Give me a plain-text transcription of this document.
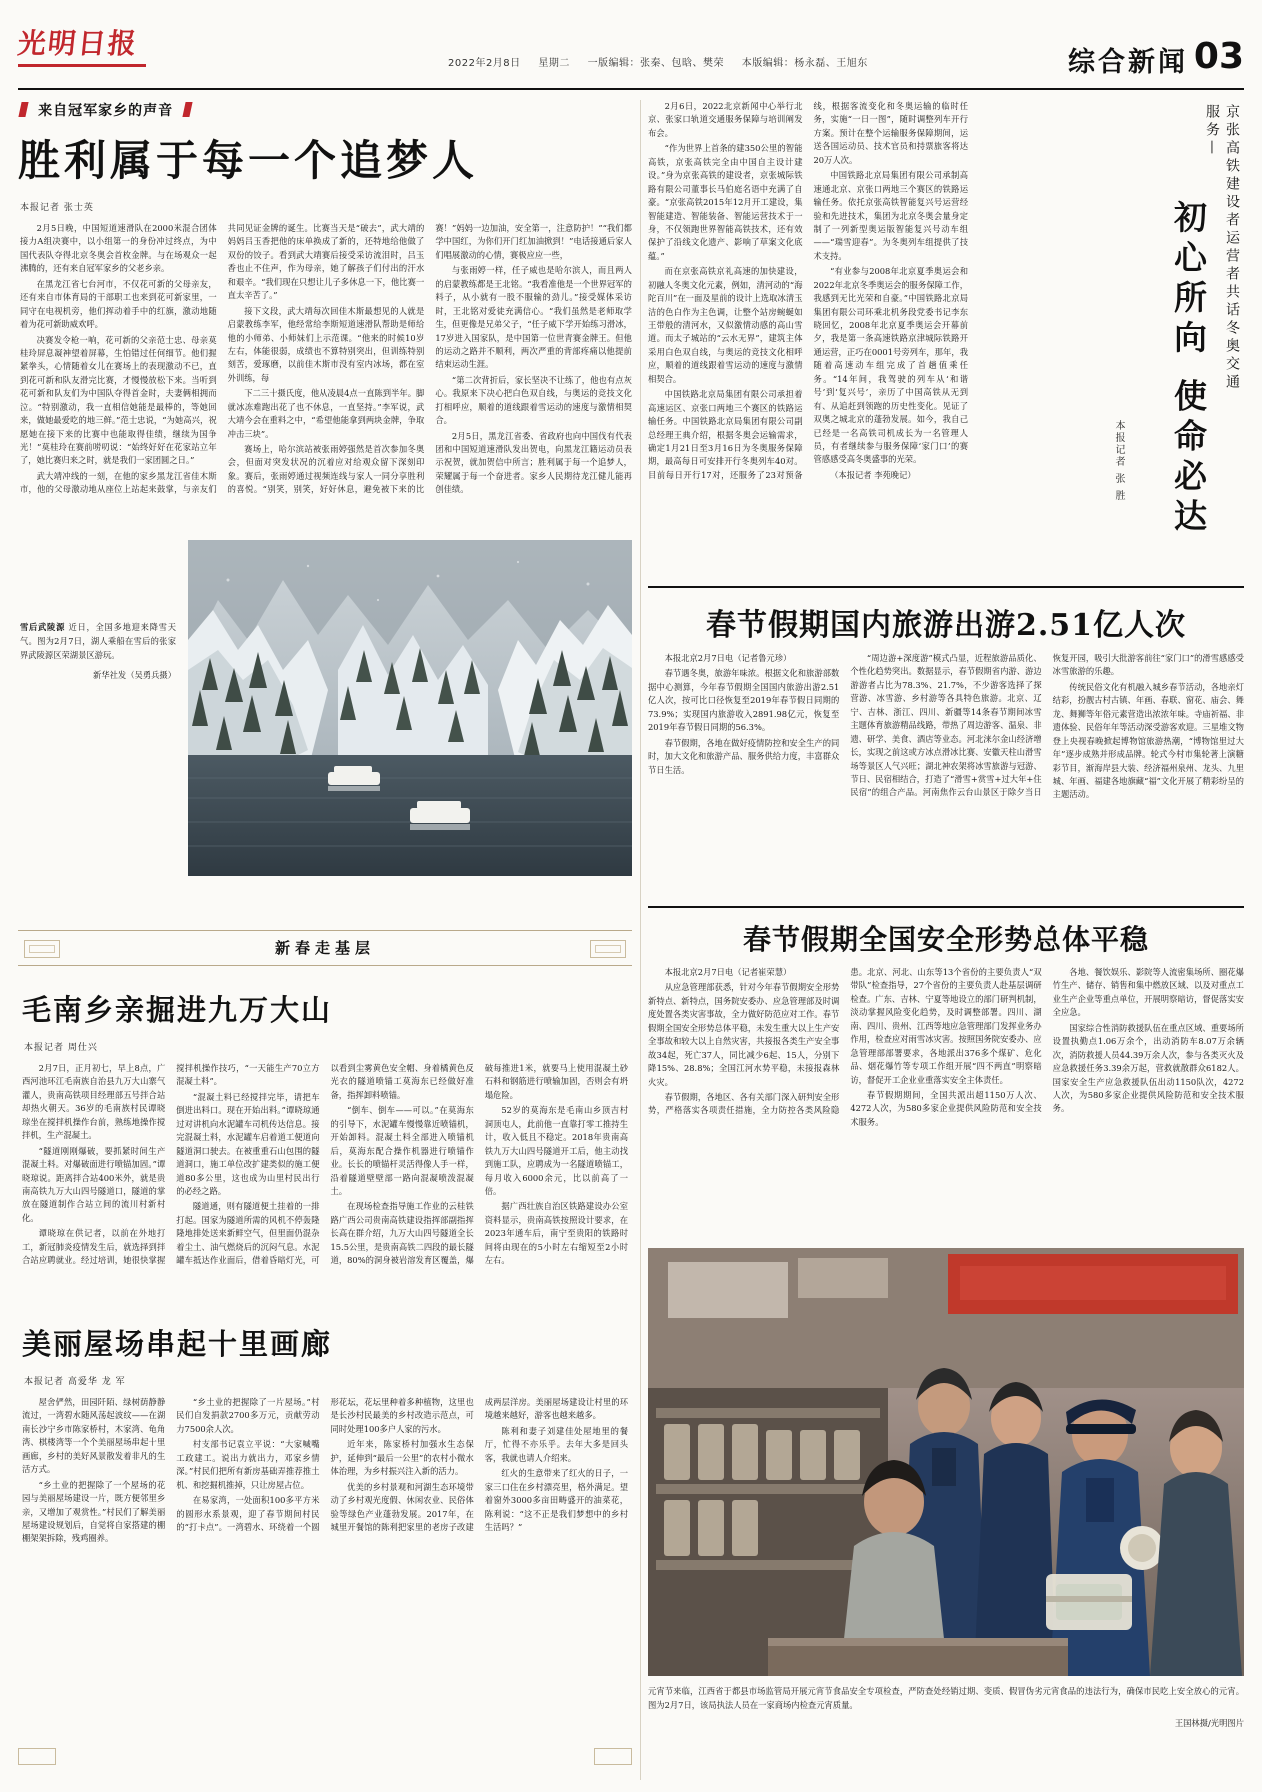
光明日报
2022年2月8日 星期二 一版编辑：张秦、包晗、樊荣 本版编辑：杨永磊、王旭东	综合新闻 03
来自冠军家乡的声音
胜利属于每一个追梦人
本报记者 张士英

2月5日晚，中国短道速滑队在2000米混合团体接力A组决赛中，以小组第一的身份冲过终点，为中国代表队夺得北京冬奥会首枚金牌。与在场观众一起沸腾的，还有来自冠军家乡的父老乡亲。

在黑龙江省七台河市，不仅花可新的父母亲友，还有来自市体育局的干部职工也来到花可新家里，一同守在电视机旁，他们挥动着手中的红旗，激动地随着为花可新助威欢呼。

决赛发令枪一响，花可新的父亲范士忠、母亲莫桂玲屏息凝神望着屏幕，生怕错过任何细节。他们握紧拳头，心情随着女儿在赛场上的表现激动不已，直到花可新和队友滑完比赛，才慢慢放松下来。当听到花可新和队友们为中国队夺得首金时，夫妻俩相拥而泣。“特别激动，我一直相信她能是最棒的，等她回来，做她最爱吃的地三鲜。”范士忠说，“为她高兴，祝愿她在接下来的比赛中也能取得佳绩，继续为国争光！”莫桂玲在赛前唠叨说：“始终好好在花家站立年了，她比赛归来之时，就是我们一家团圆之日。”

武大靖冲线的一刻，在他的家乡黑龙江省佳木斯市，他的父母激动地从座位上站起来鼓掌，与亲友们共同见证金牌的诞生。比赛当天是“破去”，武大靖的妈妈吕玉香把他的床单换成了新的，还特地给他做了双份的饺子。看到武大靖赛后接受采访流泪时，吕玉香也止不住声，作为母亲，她了解孩子们付出的汗水和艰辛。“我们现在只想让儿子多休息一下，他比赛一直太辛苦了。”

接下文段，武大靖每次回佳木斯最想见的人就是启蒙教练李军，他经常给李斯短道速滑队帮助是师给他的小师弟、小师妹们上示范课。“他来的时候10岁左右，体能很弱，成绩也不算特别突出，但训练特别刻苦，爱琢磨，以前佳木斯市没有室内冰场，都在室外训练，每

下二三十摄氏度，他从凌晨4点一直陈到半年。脚就冰冻难跑出花了也不休息，一直坚持。”李军说，武大靖今会在重料之中，“希望他能拿到两块金牌，争取冲击三块”。

赛场上，哈尔滨站被张雨婷强然是首次参加冬奥会，但面对突发状况的沉着应对给观众留下深刻印象。赛后，张雨婷通过视频连线与家人一同分享胜利的喜悦。“别笑，别笑，好好休息，避免被下来的比赛！”妈妈一边加油，安全第一，注意防护！”“我们都学中国红，为你们开门红加油掀到！”电话接通后家人们唱展激动的心情，赛极应应一些，

与张雨婷一样，任子威也是哈尔滨人，而且两人的启蒙教练都是王北铭。“我看准他是一个世界冠军的料子，从小就有一股不服输的劲儿。”接受媒体采访时，王北铭对爱徒充满信心。“我们虽然是老师取学生，但更像是兄弟父子，“任子威下学开始练习滑冰，17岁进入国家队，是中国第一位世青赛金牌王。但他的运动之路并不顺利，两次严重的背部疼痛以他提前结束运动生涯。

“第二次背折后，家长坚决不让练了，他也有点灰心。我原来下决心把白色双自线，与奥运的竞技文化打相呼应，顺着的道线跟着雪运动的速度与激情相契合。

2月5日，黑龙江省委、省政府也向中国伐有代表团和中国短道速滑队发出贺电，向黑龙江籍运动员表示祝贺，就加贺信中所言；胜利属于每一个追梦人，荣耀属于每一个奋进者。家乡人民期待龙江健儿能再创佳绩。

雪后武陵源 近日，全国多地迎来降雪天气。图为2月7日，湖人乘船在雪后的张家界武陵源区荣湖景区游玩。
新华社发（吴勇兵摄）

2月6日，2022北京新闻中心举行北京、张家口轨道交通服务保障与培训阐发布会。

“作为世界上首条的建350公里的智能高铁，京张高铁完全由中国自主设计建设。”身为京张高铁的建设者，京张城际铁路有限公司董事长马伯庭名语中充满了自豪。“京张高铁2015年12月开工建设，集智能建造、智能装备、智能运营技术于一身，不仅领跑世界智能高铁技术，还有效保护了沿线文化遗产、影响了草案文化底蕴。”

而在京张高铁京礼高速的加快建设，初融人冬奥文化元素，例如，清河动的“海陀百川”在一面及星前的设计上选取冰清玉洁的色白作为主色调，让整个站房蜿蜒如王带般的清河水，又似激情动感的高山雪道。而太子城站的“云水无界”，建筑主体采用白色双自线，与奥运的竞技文化相呼应，顺着的道线跟着雪运动的速度与激情相契合。

中国铁路北京局集团有限公司承担着高速运区、京张口两地三个赛区的铁路运输任务。中国铁路北京局集团有限公司副总经理王典介绍，根据冬奥会运输需求，确定1月21日至3月16日为冬奥服务保障期，最高每日可安排开行冬奥列车40对。目前每日开行17对，还服务了23对预备线，根据客流变化和冬奥运输的临时任务，实施“一日一图”，随时调整列车开行方案。预计在整个运输服务保障期间，运送各国运动员、技术官员和持票旅客将达20万人次。

中国铁路北京局集团有限公司承制高速通北京、京张口两地三个赛区的铁路运输任务。依托京张高铁智能复兴号运营经验和先进技术，集团为北京冬奥会量身定制了一列新型奥运版智能复兴号动车组——“瑞雪迎春”。为冬奥列车组提供了技术支持。

“有业参与2008年北京夏季奥运会和2022年北京冬季奥运会的服务保障工作，我感到无比光荣和自豪。”中国铁路北京局集团有限公司环乘北机务段党委书记李东晓回忆，2008年北京夏季奥运会开幕前夕，我是第一条高速铁路京津城际铁路开通运营，正巧在0001号旁列车，那年，我随着高速动车组完成了首趟值乘任务。“14年间，我驾驶的列车从‘和谐号’到‘复兴号’，亲历了中国高铁从无到有、从追赶到领跑的历史性变化。见证了双奥之城北京的蓬勃发展。如今，我自己已经是一名高铁司机成长为一名管理人员，有者继续参与服务保障‘家门口’的赛管感感受高冬奥盛事的光荣。

（本报记者 李苑晚记）

京张高铁建设者运营者共话冬奥交通服务—
初心所向 使命必达
本报记者 张 胜
春节假期国内旅游出游2.51亿人次

本报北京2月7日电（记者鲁元珍）

春节遇冬奥，旅游年味浓。根据文化和旅游部数据中心测算，今年春节假期全国国内旅游出游2.51亿人次，按可比口径恢复至2019年春节假日同期的73.9%；实现国内旅游收入2891.98亿元，恢复至2019年春节假日同期的56.3%。

春节假期，各地在做好疫情防控和安全生产的同时，加大文化和旅游产品、服务供给力度，丰富群众节日生活。

“周边游+深度游”模式凸显，近程旅游品质化、个性化趋势突出。数据显示，春节假期省内游、游边游游者占比为78.3%、21.7%，不少游客选择了探营游、冰雪游、乡村游等各具特色旅游。北京、辽宁、吉林、浙江、四川、新疆等14条春节期间冰雪主题体育旅游精品线路，带热了周边游客、温泉、非遗、研学、美食、酒店等业态。河北涞尔金山经济增长，实现之前这或方冰点滑冰比赛、安徽天柱山滑雪场等景区人气兴旺；湖北神农架将冰雪旅游与冠游、节日、民宿相结合，打造了“滑雪+赏雪+过大年+住民宿”的组合产品。河南焦作云台山景区于除夕当日恢复开园，吸引大批游客前往“家门口”的滑雪感感受冰雪旅游的乐趣。

传统民俗文化有机融入城乡春节活动，各地亲灯结彩，扮靓古村古镇、年画、春联、窗花、庙会、舞龙、舞狮等年俗元素营造出浓浓年味。寺庙祈福、非遗体验、民俗年年等活动深受游客欢迎。三星堆文物登上央视春晚掀起博物馆旅游热潮，“博物馆里过大年”逐步成熟并形成品牌。轮式今村市集轮著上演糖彩节目，渐海岸县大装、经济福州泉州、龙头、九里城、年画、福建各地旗藏“福”文化开展了精彩纷呈的主题活动。

春节假期全国安全形势总体平稳

本报北京2月7日电（记者崔荣慧）

从应急管理部获悉，针对今年春节假期安全形势新特点、新特点，国务院安委办、应急管理部及时调度处置各类灾害事故，全力做好防范应对工作。春节假期全国安全形势总体平稳，未发生重大以上生产安全事故和较大以上自然灾害，共接报各类生产安全事故34起，死亡37人，同比减少6起、15人，分别下降15%、28.8%；全国江河水势平稳，未接报森林火灾。

春节假期，各地区、各有关部门深入研判安全形势，严格落实各项责任措施，全力防控各类风险隐患。北京、河北、山东等13个省份的主要负责人“双带队”检查指导，27个省份的主要负责人赴基层调研检查。广东、吉林、宁夏等地设立的部门研判机制，淡动掌握风险变化趋势，及时调整部署。四川、湖南、四川、贵州、江西等地应急管理部门发挥业务办作用，检查应对雨雪冰灾害。按照国务院安委办、应急管理部部署要求，各地派出376多个煤矿、危化品、烟花爆竹等专项工作组开展“四不两直”明察暗访，督促开工企业业重落实安全主体责任。

春节假期期间，全国共派出超1150万人次、4272人次，为580多家企业提供风险防范和安全技术服务。

各地、餐饮娱乐、影院等人流密集场所、圈花爆竹生产、储存、销售和集中燃放区域、以及对重点工业生产企业等重点单位，开展明察暗访，督促落实安全应急。

国家综合性消防救援队伍在重点区域、重要场所设置执勤点1.06万余个，出动消防车8.07万余辆次，消防救援人员44.39万余人次，参与各类灭火及应急救援任务3.39余万起，营救就散群众6182人。国家安全生产应急救援队伍出动1150队次，4272人次，为580多家企业提供风险防范和安全技术服务。

元宵节来临，江西省于都县市场监管局开展元宵节食品安全专项检查，严防查处经销过期、变质、假冒伪劣元宵食品的违法行为，确保市民吃上安全放心的元宵。图为2月7日，该局执法人员在一家商场内检查元宵质量。
王国林摄/光明图片
新春走基层
毛南乡亲掘进九万大山
本报记者 周仕兴

2月7日，正月初七，早上8点，广西河池环江毛南族自治县九万大山寨气灌人，贵南高铁项目经理部五号拌合站却热火朝天。36岁的毛南族村民谭晓琼坐在搅拌机操作台前，熟练地操作搅拌机，生产混凝土。

“隧道刚刚爆破，要抓紧时间生产混凝土料。对爆破面进行喷锚加固。”谭晓琼说。距离拌合站400米外，就是贵南高铁九万大山四号隧道口，隧道的掌放在隧道制作合站立间的流川村新村化。

谭晓琼在供记者，以前在外地打工，新冠肺炎疫情发生后，就选择到拌合站应聘就业。经过培训，她很快掌握搅拌机操作技巧，“一天能生产70立方混凝土料”。

“混凝土料已经搅拌完毕，请把车倒进出料口。现在开始出料。”谭晓琼通过对讲机向水泥罐车司机传达信息。接完混凝土料，水泥罐车启着道工便道向隧道洞口驶去。在被重重石山包围的隧道洞口，施工单位改扩建类似的施工便道80多公里，这也成为山里村民出行的必经之路。

隧道通，则有隧道便土挂着的一排打起。国家为隧道所需的风机不停轰隆隆地排处送来新鲜空气，但里面仍混杂着尘土、油气燃烧后的沉闷气息。水泥罐车抵达作业面后，借着昏暗灯光，可以看到尘雾黄色安全帽、身着橘黄色反光衣的隧道喷锚工莫海东已经做好准备，指挥卸料喷锚。

“倒车、倒车——可以。”在莫海东的引导下，水泥罐车慢慢靠近喷锚机，开始卸料。混凝土料全部进入喷锚机后，莫海东配合操作机器进行喷锚作业。长长的喷锚杆灵活得像人手一样，沿着隧道壁壁部一路向混凝喷泼混凝土。

在现场检查指导施工作业的云桂铁路广西公司贵南高铁建设指挥部副指挥长高在群介绍，九万大山四号隧道全长15.5公里，是贵南高铁二四段的最长隧道，80%的洞身被岩溶发育区覆盖，爆破每推进1米，就要马上使用混凝土砂石料和钢筋进行喷输加固，否则会有坍塌危险。

52岁的莫海东是毛南山乡顶吉村洞顶屯人，此前他一直靠打零工推持生计，收入低且不稳定。2018年贵南高铁九万大山四号隧道开工后，他主动找到施工队，应聘成为一名隧道喷锚工，每月收入6000余元，比以前高了一倍。

据广西壮族自治区铁路建设办公室资料显示，贵南高铁按照设计要求，在2023年通车后，南宁至贵阳的铁路时间将由现在的5小时左右缩短至2小时左右。

美丽屋场串起十里画廊
本报记者 高爱华 龙 军

屋舍俨然，田园阡陌、绿树荫静静流过，一湾碧水随风荡起波纹——在湖南长沙宁乡市陈家桥村，木家湾、龟角湾、棋楼湾等一个个美丽屋场串起十里画廊，乡村的美好风景散发着非凡的生活方式。

“乡土业的把握除了一个屋场的花园与美丽屋场建设一片，既方便邻里乡亲，又增加了观赏性。”村民们了解美丽屋场建设规划后，自觉将自家搭建的棚棚架架拆除，残鸡圈养。

“乡土业的把握除了一片屋场。”村民们自发捐款2700多万元，贡献劳动力7500余人次。

村支部书记袁立平说：“大家喊嘴工政建工。说出力就出力，邓家乡情深。”村民们把所有新房基础弄推荐推土机、和挖掘机推掉，只让房屋占位。

在易家湾，一处面积100多平方米的圆形水系景观，迎了春节期间村民的“打卡点”。一湾碧水、环绕着一个圆形花坛，花坛里种着多种植物，这里也是长沙村民最美的乡村改造示范点，可同时处理100多户人家的污水。

近年来，陈家桥村加强水生态保护，延伸到“最后一公里”的农村小微水体治理，为乡村振兴注入新的活力。

优美的乡村景观和河湖生态环境带动了乡村观光度假、休闲农业、民俗体验等绿色产业蓬勃发展。2017年，在城里开餐馆的陈利把家里的老房子改建成两层洋房。美丽屋场建设让村里的环境越来越好，游客也越来越多。

陈利和妻子刘建佳处屋地里的餐厅，忙得不亦乐乎。去年大多是回头客，我就也请人介绍来。

红火的生意带来了红火的日子，一家三口住在乡村漂亮里，格外满足。望着窗外3000多亩田畴盛开的油菜花，陈利说：“这不正是我们梦想中的乡村生活吗？”
